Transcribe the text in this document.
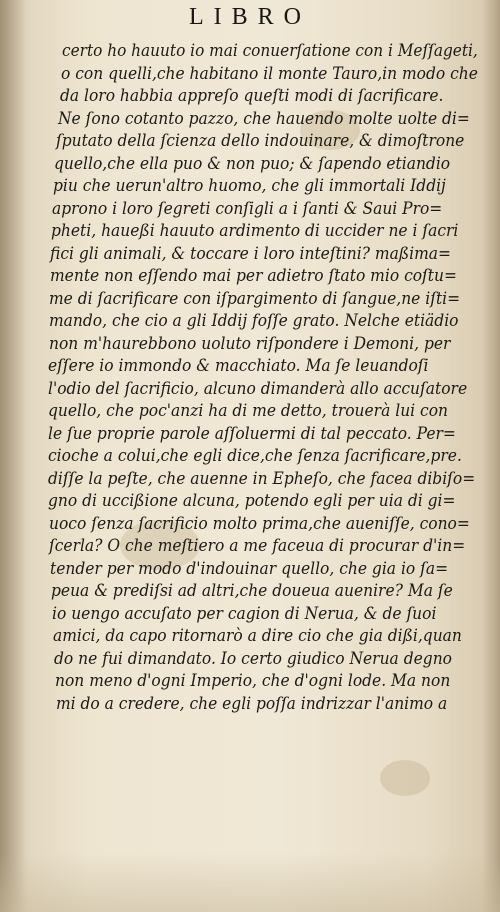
LIBRO
certo ho hauuto io mai conuerſatione con i Meſſageti,
o con quelli,che habitano il monte Tauro,in modo che
da loro habbia appreſo queſti modi di ſacrificare.
Ne ſono cotanto pazzo, che hauendo molte uolte di=
ſputato della ſcienza dello indouinare, & dimoſtrone
quello,che ella puo & non puo; & ſapendo etiandio
piu che uerun'altro huomo, che gli immortali Iddij
aprono i loro ſegreti conſigli a i ſanti & Saui Pro=
pheti, haueßi hauuto ardimento di uccider ne i ſacri
fici gli animali, & toccare i loro inteſtini? maßima=
mente non eſſendo mai per adietro ſtato mio coſtu=
me di ſacrificare con iſpargimento di ſangue,ne iſti=
mando, che cio a gli Iddij foſſe grato. Nelche etiädio
non m'haurebbono uoluto riſpondere i Demoni, per
eſſere io immondo & macchiato. Ma ſe leuandoſi
l'odio del ſacrificio, alcuno dimanderà allo accuſatore
quello, che poc'anzi ha di me detto, trouerà lui con
le ſue proprie parole aſſoluermi di tal peccato. Per=
cioche a colui,che egli dice,che ſenza ſacrificare,pre.
diſſe la peſte, che auenne in Epheſo, che facea dibiſo=
gno di uccißione alcuna, potendo egli per uia di gi=
uoco ſenza ſacrificio molto prima,che aueniſſe, cono=
ſcerla? O che meſtiero a me faceua di procurar d'in=
tender per modo d'indouinar quello, che gia io ſa=
peua & prediſsi ad altri,che doueua auenire? Ma ſe
io uengo accuſato per cagion di Nerua, & de ſuoi
amici, da capo ritornarò a dire cio che gia dißi,quan
do ne fui dimandato. Io certo giudico Nerua degno
non meno d'ogni Imperio, che d'ogni lode. Ma non
mi do a credere, che egli poſſa indrizzar l'animo a
